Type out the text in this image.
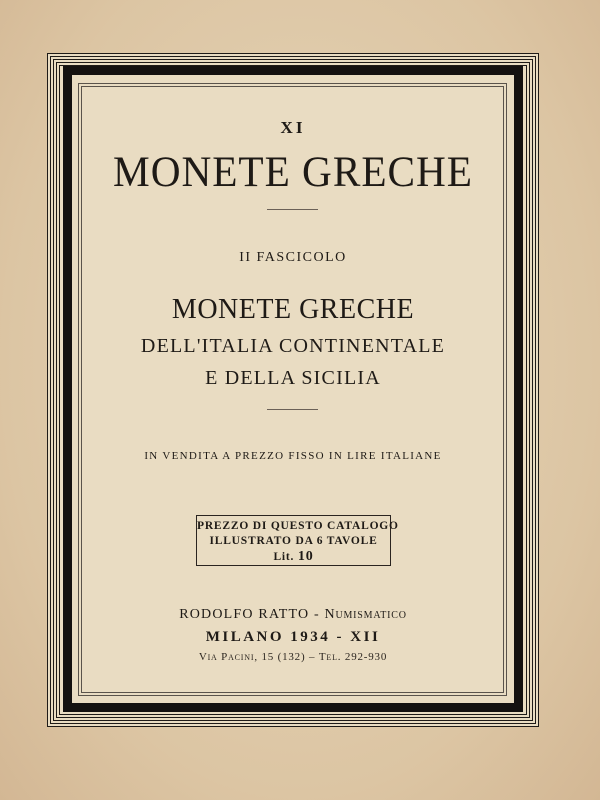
XI
MONETE GRECHE
II FASCICOLO
MONETE GRECHE
DELL'ITALIA CONTINENTALE
E DELLA SICILIA
IN VENDITA A PREZZO FISSO IN LIRE ITALIANE
PREZZO DI QUESTO CATALOGO
ILLUSTRATO DA 6 TAVOLE
Lit. 10
RODOLFO RATTO - Numismatico
MILANO 1934 - XII
Via Pacini, 15 (132) – Tel. 292-930
